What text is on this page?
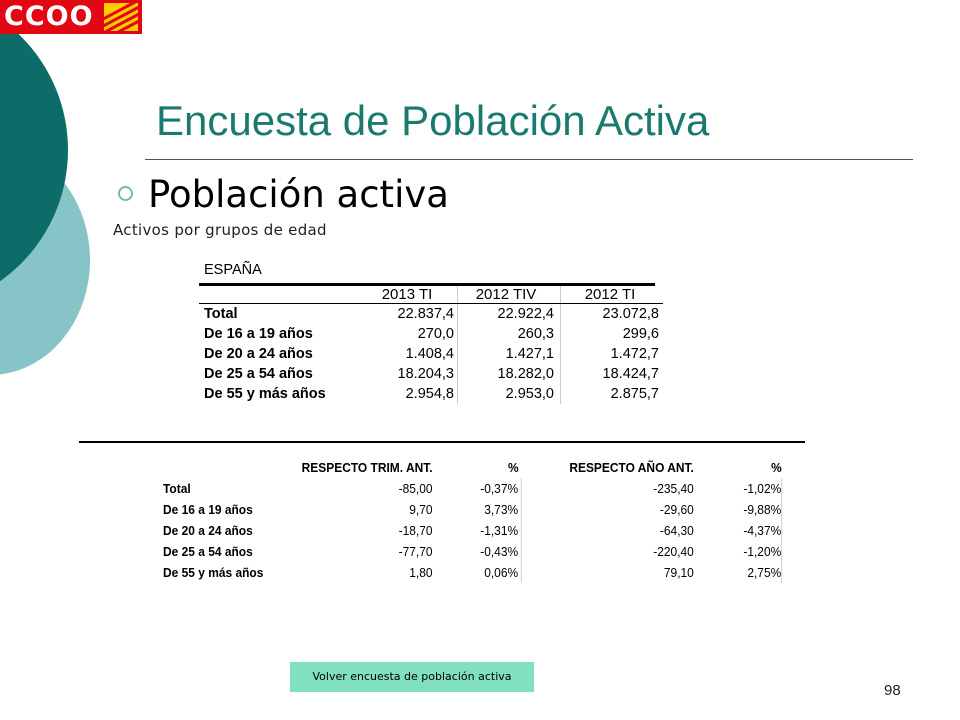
CCOO
Encuesta de Población Activa
Población activa
Activos por grupos de edad
ESPAÑA
	2013 TI	2012 TIV	2012 TI
Total	22.837,4	22.922,4	23.072,8
De 16 a 19 años	270,0	260,3	299,6
De 20 a 24 años	1.408,4	1.427,1	1.472,7
De 25 a 54 años	18.204,3	18.282,0	18.424,7
De 55 y más años	2.954,8	2.953,0	2.875,7
	RESPECTO TRIM. ANT.	%	RESPECTO AÑO ANT.	%
Total	-85,00	-0,37%	-235,40	-1,02%
De 16 a 19 años	9,70	3,73%	-29,60	-9,88%
De 20 a 24 años	-18,70	-1,31%	-64,30	-4,37%
De 25 a 54 años	-77,70	-0,43%	-220,40	-1,20%
De 55 y más años	1,80	0,06%	79,10	2,75%
Volver encuesta de población activa
98
